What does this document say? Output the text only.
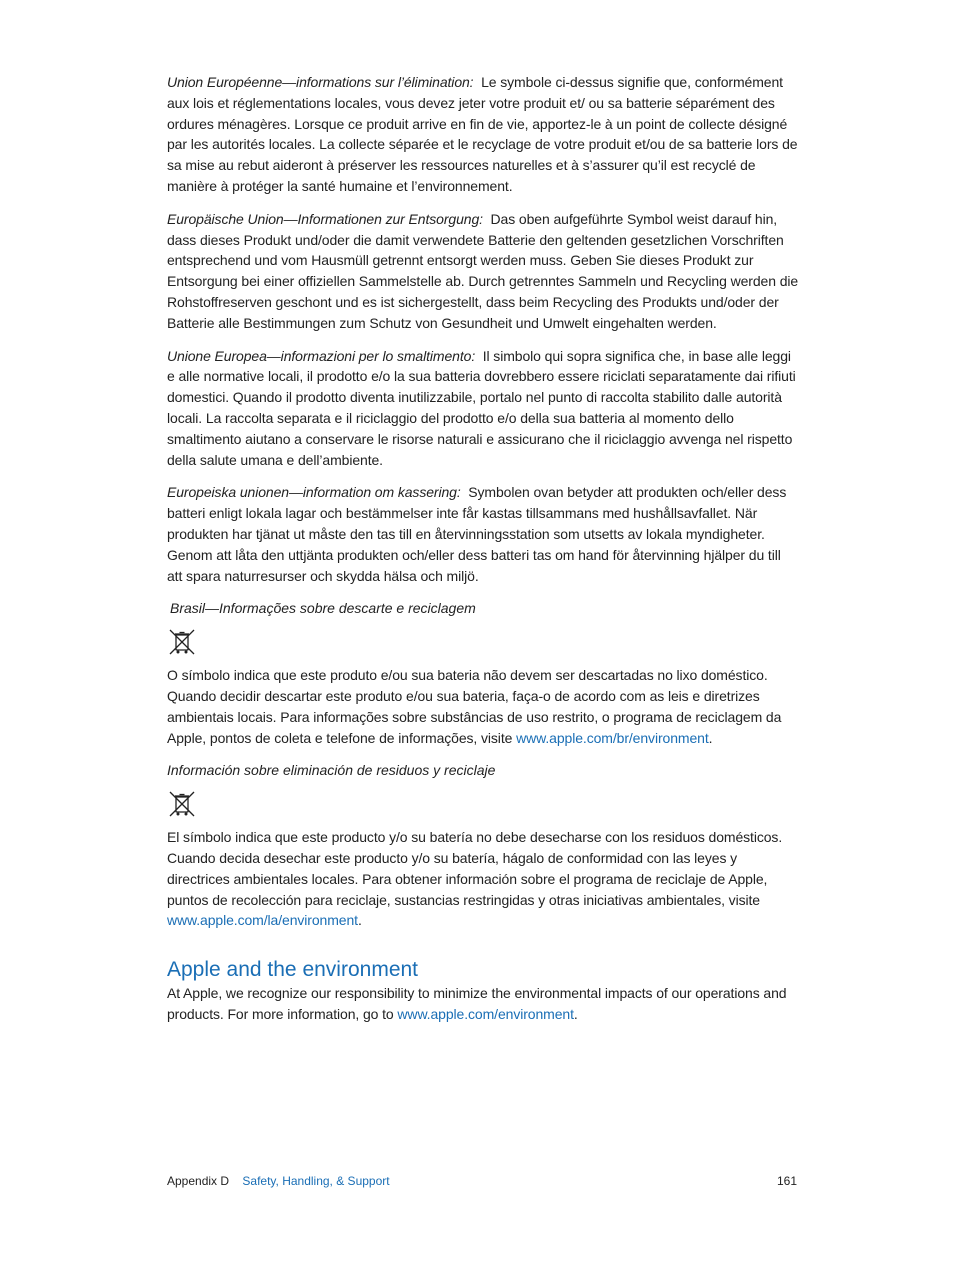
Union Européenne—informations sur l’élimination: Le symbole ci-dessus signifie que, conformément aux lois et réglementations locales, vous devez jeter votre produit et/ ou sa batterie séparément des ordures ménagères. Lorsque ce produit arrive en fin de vie, apportez-le à un point de collecte désigné par les autorités locales. La collecte séparée et le recyclage de votre produit et/ou de sa batterie lors de sa mise au rebut aideront à préserver les ressources naturelles et à s’assurer qu’il est recyclé de manière à protéger la santé humaine et l’environnement.

Europäische Union—Informationen zur Entsorgung: Das oben aufgeführte Symbol weist darauf hin, dass dieses Produkt und/oder die damit verwendete Batterie den geltenden gesetzlichen Vorschriften entsprechend und vom Hausmüll getrennt entsorgt werden muss. Geben Sie dieses Produkt zur Entsorgung bei einer offiziellen Sammelstelle ab. Durch getrenntes Sammeln und Recycling werden die Rohstoffreserven geschont und es ist sichergestellt, dass beim Recycling des Produkts und/oder der Batterie alle Bestimmungen zum Schutz von Gesundheit und Umwelt eingehalten werden.

Unione Europea—informazioni per lo smaltimento: Il simbolo qui sopra significa che, in base alle leggi e alle normative locali, il prodotto e/o la sua batteria dovrebbero essere riciclati separatamente dai rifiuti domestici. Quando il prodotto diventa inutilizzabile, portalo nel punto di raccolta stabilito dalle autorità locali. La raccolta separata e il riciclaggio del prodotto e/o della sua batteria al momento dello smaltimento aiutano a conservare le risorse naturali e assicurano che il riciclaggio avvenga nel rispetto della salute umana e dell’ambiente.

Europeiska unionen—information om kassering: Symbolen ovan betyder att produkten och/eller dess batteri enligt lokala lagar och bestämmelser inte får kastas tillsammans med hushållsavfallet. När produkten har tjänat ut måste den tas till en återvinningsstation som utsetts av lokala myndigheter. Genom att låta den uttjänta produkten och/eller dess batteri tas om hand för återvinning hjälper du till att spara naturresurser och skydda hälsa och miljö.

Brasil—Informações sobre descarte e reciclagem

O símbolo indica que este produto e/ou sua bateria não devem ser descartadas no lixo doméstico. Quando decidir descartar este produto e/ou sua bateria, faça-o de acordo com as leis e diretrizes ambientais locais. Para informações sobre substâncias de uso restrito, o programa de reciclagem da Apple, pontos de coleta e telefone de informações, visite www.apple.com/br/environment.

Información sobre eliminación de residuos y reciclaje

El símbolo indica que este producto y/o su batería no debe desecharse con los residuos domésticos. Cuando decida desechar este producto y/o su batería, hágalo de conformidad con las leyes y directrices ambientales locales. Para obtener información sobre el programa de reciclaje de Apple, puntos de recolección para reciclaje, sustancias restringidas y otras iniciativas ambientales, visite www.apple.com/la/environment.

Apple and the environment

At Apple, we recognize our responsibility to minimize the environmental impacts of our operations and products. For more information, go to www.apple.com/environment.

Appendix D Safety, Handling, & Support	161
